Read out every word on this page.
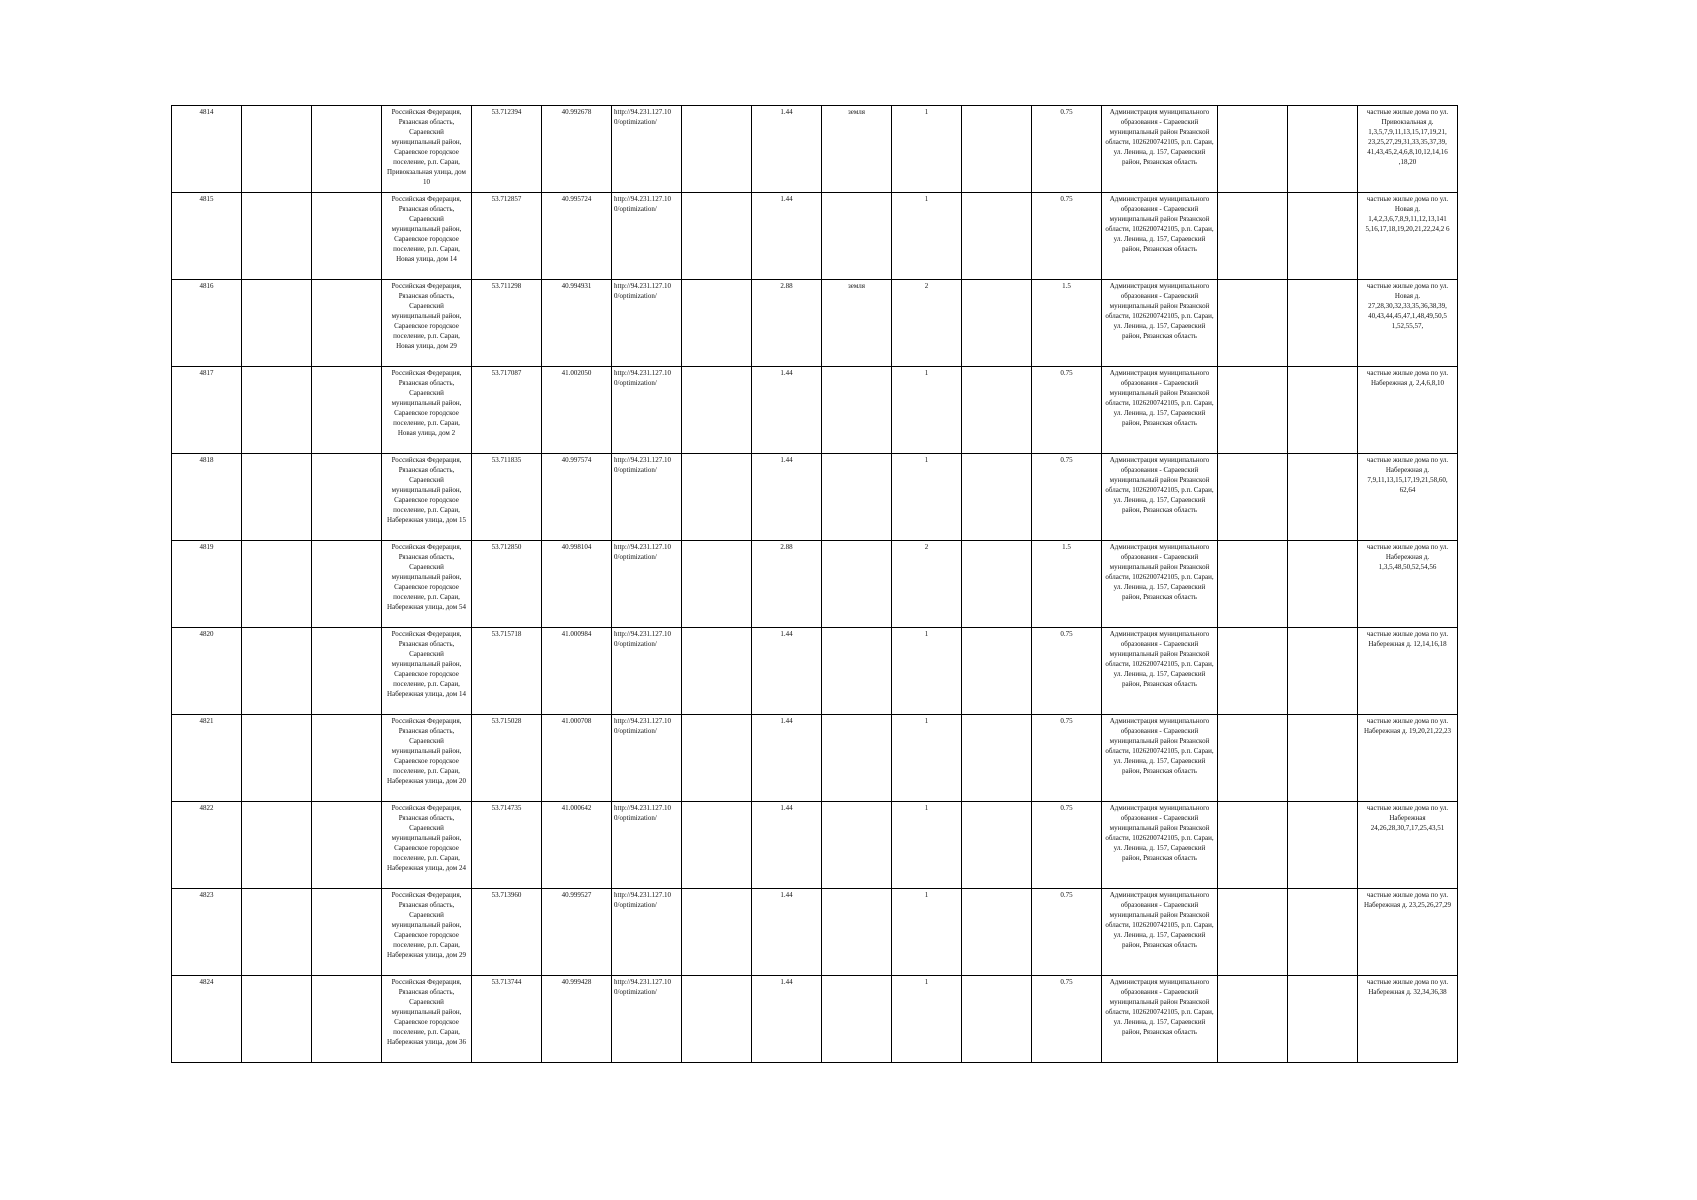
4814			Российская Федерация, Рязанская область, Сараевский муниципальный район, Сараевское городское поселение, р.п. Сараи, Привокзальная улица, дом 10	53.712394	40.992678	http://94.231.127.10 0/optimization/		1.44	земля	1		0.75	Администрация муниципального образования - Сараевский муниципальный район Рязанской области, 1026200742105, р.п. Сараи, ул. Ленина, д. 157, Сараевский район, Рязанская область			частные жилые дома по ул. Привокзальная д. 1,3,5,7,9,11,13,15,17,19,21, 23,25,27,29,31,33,35,37,39, 41,43,45,2,4,6,8,10,12,14,16 ,18,20
4815			Российская Федерация, Рязанская область, Сараевский муниципальный район, Сараевское городское поселение, р.п. Сараи, Новая улица, дом 14	53.712857	40.995724	http://94.231.127.10 0/optimization/		1.44		1		0.75	Администрация муниципального образования - Сараевский муниципальный район Рязанской области, 1026200742105, р.п. Сараи, ул. Ленина, д. 157, Сараевский район, Рязанская область			частные жилые дома по ул. Новая д. 1,4,2,3,6,7,8,9,11,12,13,141 5,16,17,18,19,20,21,22,24,2 6
4816			Российская Федерация, Рязанская область, Сараевский муниципальный район, Сараевское городское поселение, р.п. Сараи, Новая улица, дом 29	53.711298	40.994931	http://94.231.127.10 0/optimization/		2.88	земля	2		1.5	Администрация муниципального образования - Сараевский муниципальный район Рязанской области, 1026200742105, р.п. Сараи, ул. Ленина, д. 157, Сараевский район, Рязанская область			частные жилые дома по ул. Новая д. 27,28,30,32,33,35,36,38,39, 40,43,44,45,47,1,48,49,50,5 1,52,55,57,
4817			Российская Федерация, Рязанская область, Сараевский муниципальный район, Сараевское городское поселение, р.п. Сараи, Новая улица, дом 2	53.717087	41.002050	http://94.231.127.10 0/optimization/		1.44		1		0.75	Администрация муниципального образования - Сараевский муниципальный район Рязанской области, 1026200742105, р.п. Сараи, ул. Ленина, д. 157, Сараевский район, Рязанская область			частные жилые дома по ул. Набережная д. 2,4,6,8,10
4818			Российская Федерация, Рязанская область, Сараевский муниципальный район, Сараевское городское поселение, р.п. Сараи, Набережная улица, дом 15	53.711835	40.997574	http://94.231.127.10 0/optimization/		1.44		1		0.75	Администрация муниципального образования - Сараевский муниципальный район Рязанской области, 1026200742105, р.п. Сараи, ул. Ленина, д. 157, Сараевский район, Рязанская область			частные жилые дома по ул. Набережная д. 7,9,11,13,15,17,19,21,58,60, 62,64
4819			Российская Федерация, Рязанская область, Сараевский муниципальный район, Сараевское городское поселение, р.п. Сараи, Набережная улица, дом 54	53.712850	40.998104	http://94.231.127.10 0/optimization/		2.88		2		1.5	Администрация муниципального образования - Сараевский муниципальный район Рязанской области, 1026200742105, р.п. Сараи, ул. Ленина, д. 157, Сараевский район, Рязанская область			частные жилые дома по ул. Набережная д. 1,3,5,48,50,52,54,56
4820			Российская Федерация, Рязанская область, Сараевский муниципальный район, Сараевское городское поселение, р.п. Сараи, Набережная улица, дом 14	53.715718	41.000984	http://94.231.127.10 0/optimization/		1.44		1		0.75	Администрация муниципального образования - Сараевский муниципальный район Рязанской области, 1026200742105, р.п. Сараи, ул. Ленина, д. 157, Сараевский район, Рязанская область			частные жилые дома по ул. Набережная д. 12,14,16,18
4821			Российская Федерация, Рязанская область, Сараевский муниципальный район, Сараевское городское поселение, р.п. Сараи, Набережная улица, дом 20	53.715028	41.000708	http://94.231.127.10 0/optimization/		1.44		1		0.75	Администрация муниципального образования - Сараевский муниципальный район Рязанской области, 1026200742105, р.п. Сараи, ул. Ленина, д. 157, Сараевский район, Рязанская область			частные жилые дома по ул. Набережная д. 19,20,21,22,23
4822			Российская Федерация, Рязанская область, Сараевский муниципальный район, Сараевское городское поселение, р.п. Сараи, Набережная улица, дом 24	53.714735	41.000642	http://94.231.127.10 0/optimization/		1.44		1		0.75	Администрация муниципального образования - Сараевский муниципальный район Рязанской области, 1026200742105, р.п. Сараи, ул. Ленина, д. 157, Сараевский район, Рязанская область			частные жилые дома по ул. Набережная 24,26,28,30,7,17,25,43,51
4823			Российская Федерация, Рязанская область, Сараевский муниципальный район, Сараевское городское поселение, р.п. Сараи, Набережная улица, дом 29	53.713960	40.999527	http://94.231.127.10 0/optimization/		1.44		1		0.75	Администрация муниципального образования - Сараевский муниципальный район Рязанской области, 1026200742105, р.п. Сараи, ул. Ленина, д. 157, Сараевский район, Рязанская область			частные жилые дома по ул. Набережная д. 23,25,26,27,29
4824			Российская Федерация, Рязанская область, Сараевский муниципальный район, Сараевское городское поселение, р.п. Сараи, Набережная улица, дом 36	53.713744	40.999428	http://94.231.127.10 0/optimization/		1.44		1		0.75	Администрация муниципального образования - Сараевский муниципальный район Рязанской области, 1026200742105, р.п. Сараи, ул. Ленина, д. 157, Сараевский район, Рязанская область			частные жилые дома по ул. Набережная д. 32,34,36,38
